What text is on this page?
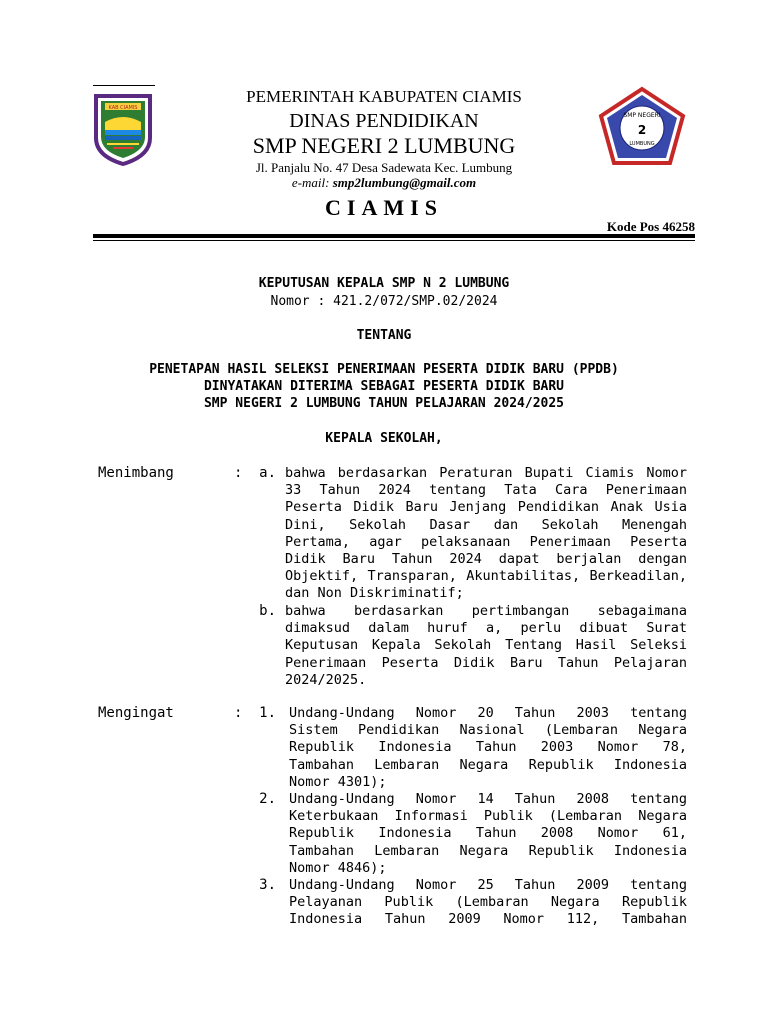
KAB CIAMIS
PEMERINTAH KABUPATEN CIAMIS
DINAS PENDIDIKAN
SMP NEGERI 2 LUMBUNG
Jl. Panjalu No. 47 Desa Sadewata Kec. Lumbung
e-mail: smp2lumbung@gmail.com
CIAMIS
SMP NEGERI
2
LUMBUNG
Kode Pos 46258
KEPUTUSAN KEPALA SMP N 2 LUMBUNG
Nomor : 421.2/072/SMP.02/2024
TENTANG
PENETAPAN HASIL SELEKSI PENERIMAAN PESERTA DIDIK BARU (PPDB)
DINYATAKAN DITERIMA SEBAGAI PESERTA DIDIK BARU
SMP NEGERI 2 LUMBUNG TAHUN PELAJARAN 2024/2025
KEPALA SEKOLAH,
Menimbang	:	a. bahwa berdasarkan Peraturan Bupati Ciamis Nomor
33 Tahun 2024 tentang Tata Cara Penerimaan
Peserta Didik Baru Jenjang Pendidikan Anak Usia
Dini, Sekolah Dasar dan Sekolah Menengah
Pertama, agar pelaksanaan Penerimaan Peserta
Didik Baru Tahun 2024 dapat berjalan dengan
Objektif, Transparan, Akuntabilitas, Berkeadilan,
dan Non Diskriminatif;
b. bahwa berdasarkan pertimbangan sebagaimana
dimaksud dalam huruf a, perlu dibuat Surat
Keputusan Kepala Sekolah Tentang Hasil Seleksi
Penerimaan Peserta Didik Baru Tahun Pelajaran
2024/2025.
Mengingat	:	1. Undang-Undang Nomor 20 Tahun 2003 tentang
Sistem Pendidikan Nasional (Lembaran Negara
Republik Indonesia Tahun 2003 Nomor 78,
Tambahan Lembaran Negara Republik Indonesia
Nomor 4301);
2. Undang-Undang Nomor 14 Tahun 2008 tentang
Keterbukaan Informasi Publik (Lembaran Negara
Republik Indonesia Tahun 2008 Nomor 61,
Tambahan Lembaran Negara Republik Indonesia
Nomor 4846);
3. Undang-Undang Nomor 25 Tahun 2009 tentang
Pelayanan Publik (Lembaran Negara Republik
Indonesia Tahun 2009 Nomor 112, Tambahan
